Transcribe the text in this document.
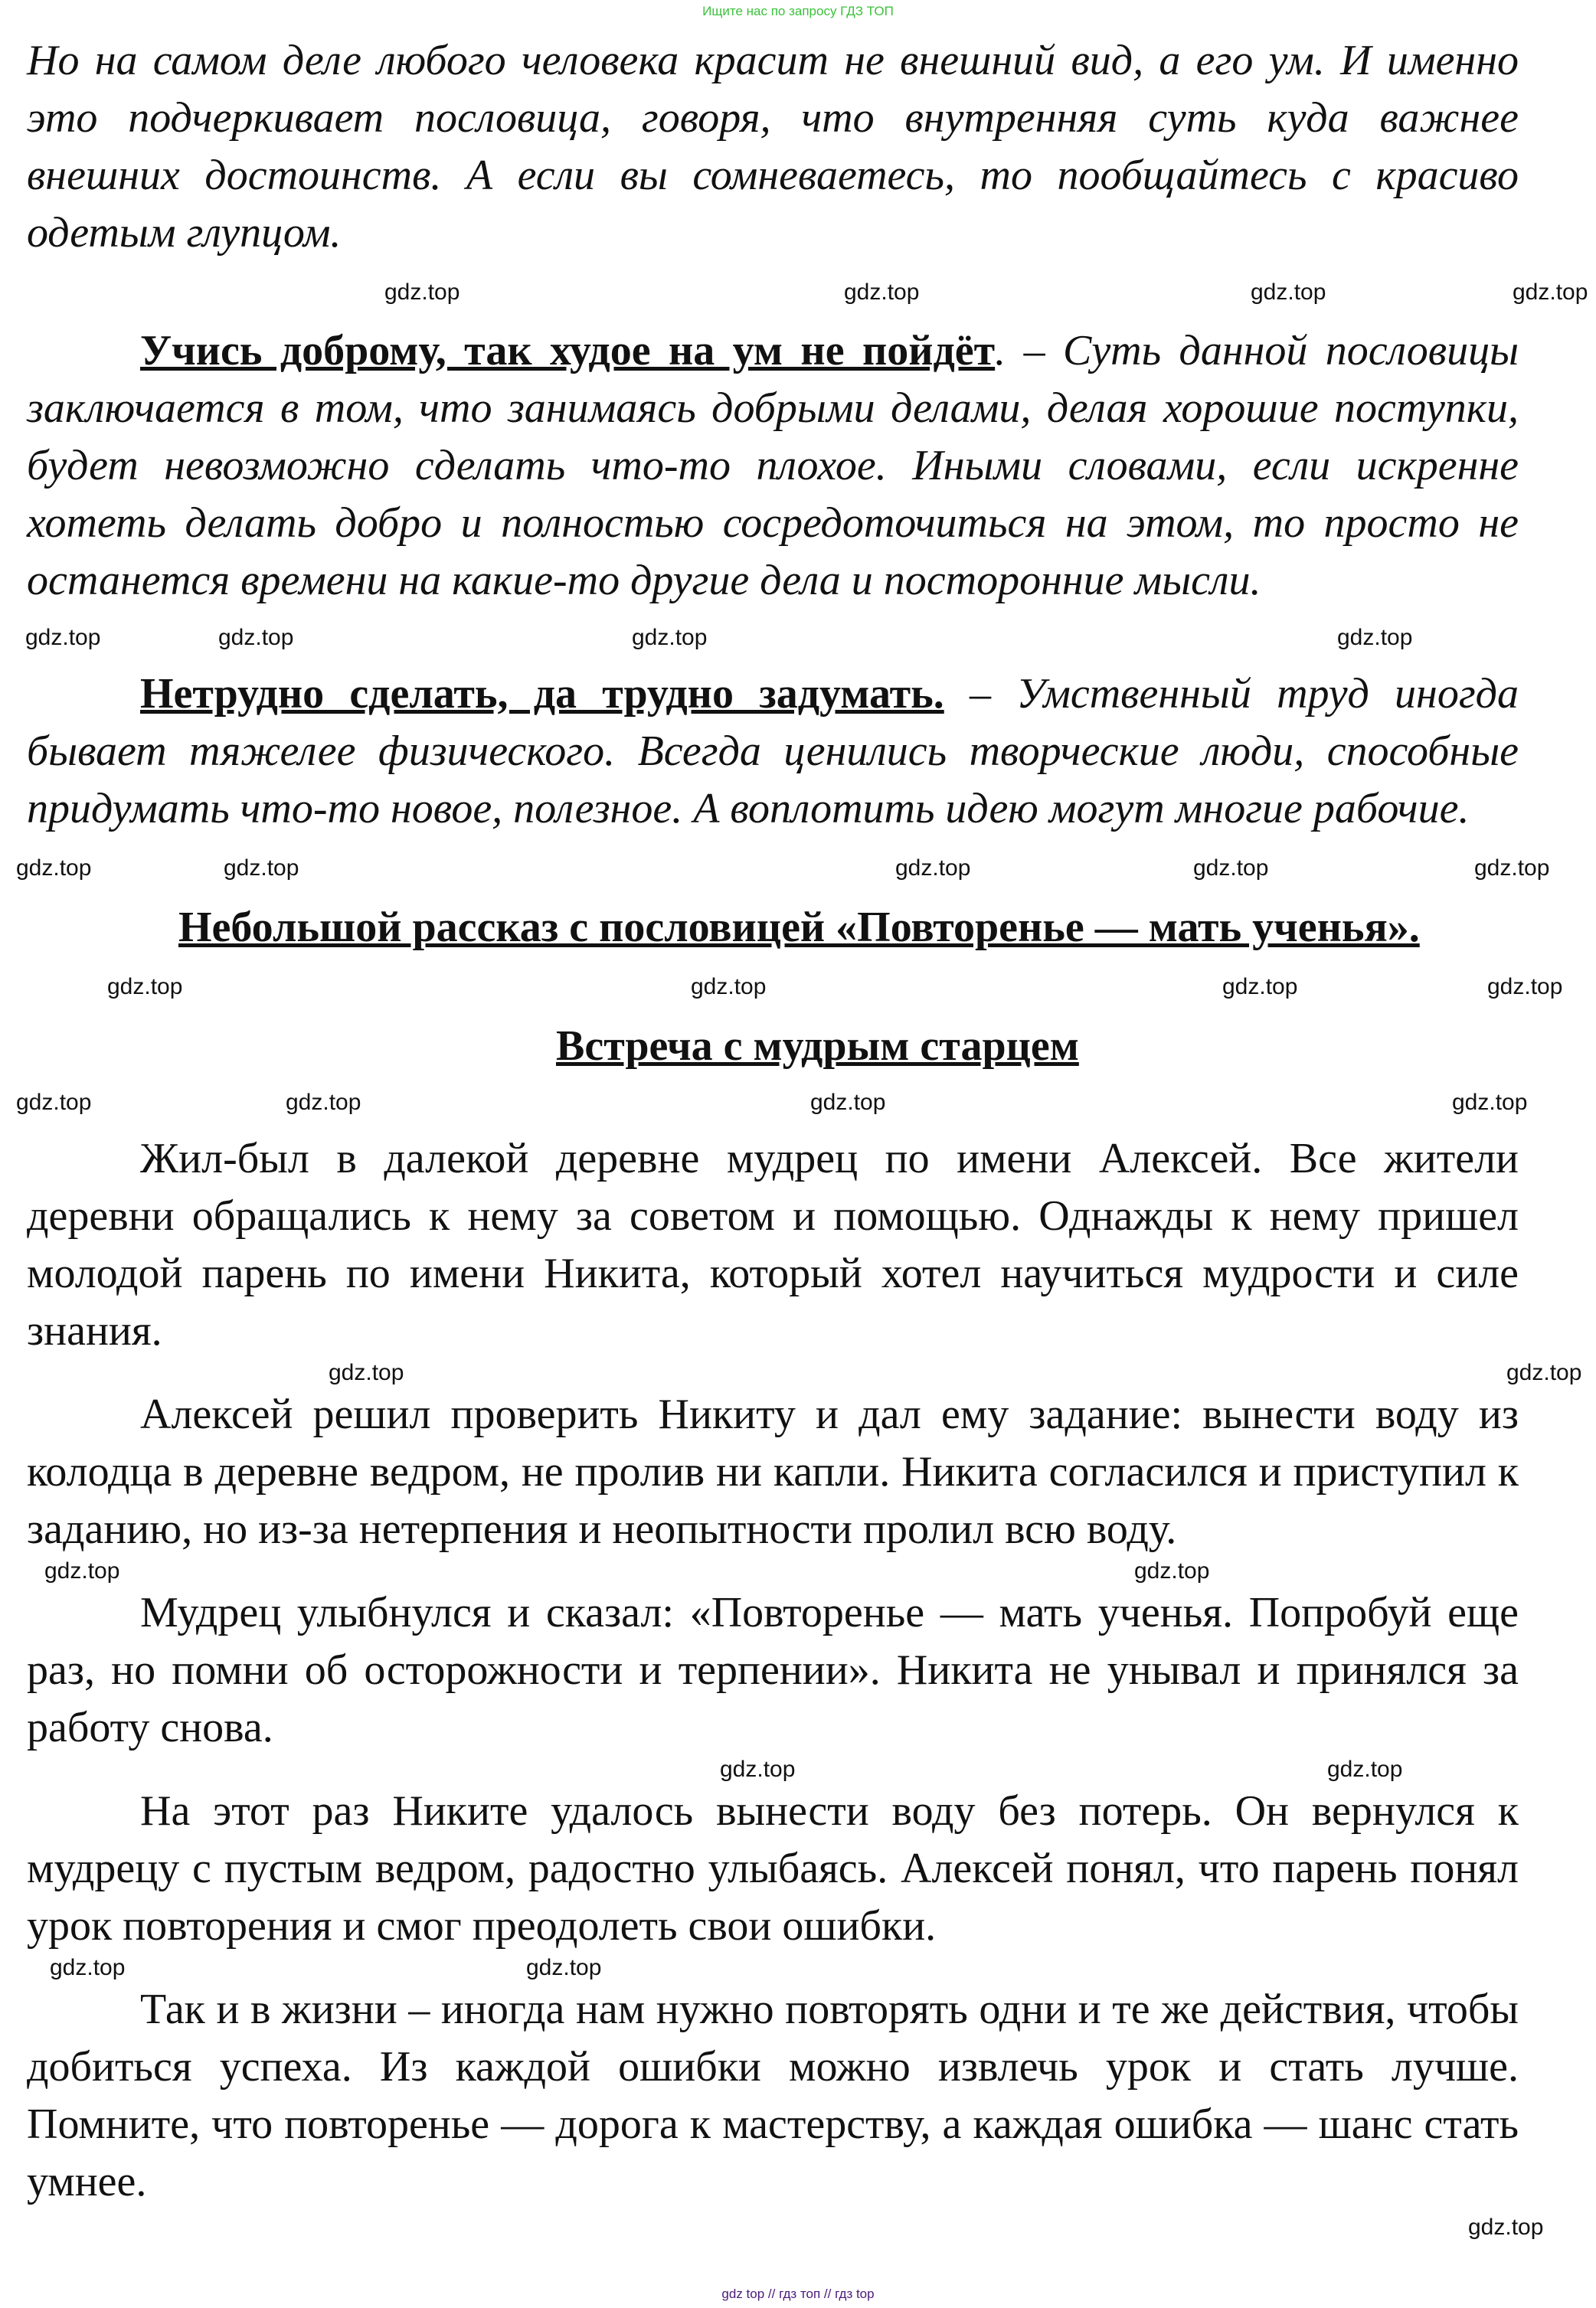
Ищите нас по запросу ГДЗ ТОП
Но на самом деле любого человека красит не внешний вид, а его ум. И именно это подчеркивает пословица, говоря, что внутренняя суть куда важнее внешних достоинств. А если вы сомневаетесь, то пообщайтесь с красиво одетым глупцом.
gdz.top	gdz.top	gdz.top	gdz.top
Учись доброму, так худое на ум не пойдёт. – Суть данной пословицы заключается в том, что занимаясь добрыми делами, делая хорошие поступки, будет невозможно сделать что-то плохое. Иными словами, если искренне хотеть делать добро и полностью сосредоточиться на этом, то просто не останется времени на какие-то другие дела и посторонние мысли.
gdz.top	gdz.top	gdz.top	gdz.top
Нетрудно сделать, да трудно задумать. – Умственный труд иногда бывает тяжелее физического. Всегда ценились творческие люди, способные придумать что-то новое, полезное. А воплотить идею могут многие рабочие.
gdz.top	gdz.top	gdz.top	gdz.top	gdz.top
Небольшой рассказ с пословицей «Повторенье — мать ученья».
gdz.top	gdz.top	gdz.top	gdz.top
Встреча с мудрым старцем
gdz.top	gdz.top	gdz.top	gdz.top
Жил-был в далекой деревне мудрец по имени Алексей. Все жители деревни обращались к нему за советом и помощью. Однажды к нему пришел молодой парень по имени Никита, который хотел научиться мудрости и силе знания.
gdz.top	gdz.top
Алексей решил проверить Никиту и дал ему задание: вынести воду из колодца в деревне ведром, не пролив ни капли. Никита согласился и приступил к заданию, но из-за нетерпения и неопытности пролил всю воду.
gdz.top	gdz.top
Мудрец улыбнулся и сказал: «Повторенье — мать ученья. Попробуй еще раз, но помни об осторожности и терпении». Никита не унывал и принялся за работу снова.
gdz.top	gdz.top
На этот раз Никите удалось вынести воду без потерь. Он вернулся к мудрецу с пустым ведром, радостно улыбаясь. Алексей понял, что парень понял урок повторения и смог преодолеть свои ошибки.
gdz.top	gdz.top
Так и в жизни – иногда нам нужно повторять одни и те же действия, чтобы добиться успеха. Из каждой ошибки можно извлечь урок и стать лучше. Помните, что повторенье — дорога к мастерству, а каждая ошибка — шанс стать умнее.
gdz.top
gdz top // гдз топ // гдз top
